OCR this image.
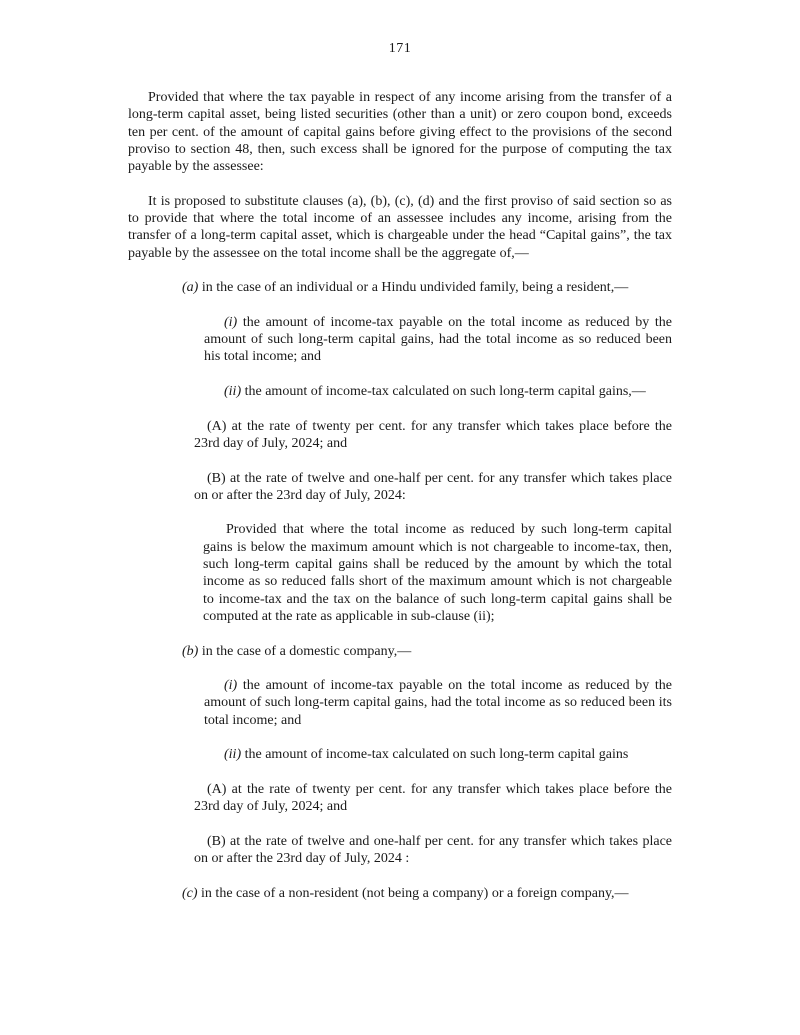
171

Provided that where the tax payable in respect of any income arising from the transfer of a long-term capital asset, being listed securities (other than a unit) or zero coupon bond, exceeds ten per cent. of the amount of capital gains before giving effect to the provisions of the second proviso to section 48, then, such excess shall be ignored for the purpose of computing the tax payable by the assessee:

It is proposed to substitute clauses (a), (b), (c), (d) and the first proviso of said section so as to provide that where the total income of an assessee includes any income, arising from the transfer of a long-term capital asset, which is chargeable under the head “Capital gains”, the tax payable by the assessee on the total income shall be the aggregate of,—

(a) in the case of an individual or a Hindu undivided family, being a resident,—

(i) the amount of income-tax payable on the total income as reduced by the amount of such long-term capital gains, had the total income as so reduced been his total income; and

(ii) the amount of income-tax calculated on such long-term capital gains,—

(A) at the rate of twenty per cent. for any transfer which takes place before the 23rd day of July, 2024; and

(B) at the rate of twelve and one-half per cent. for any transfer which takes place on or after the 23rd day of July, 2024:

Provided that where the total income as reduced by such long-term capital gains is below the maximum amount which is not chargeable to income-tax, then, such long-term capital gains shall be reduced by the amount by which the total income as so reduced falls short of the maximum amount which is not chargeable to income-tax and the tax on the balance of such long-term capital gains shall be computed at the rate as applicable in sub-clause (ii);

(b) in the case of a domestic company,—

(i) the amount of income-tax payable on the total income as reduced by the amount of such long-term capital gains, had the total income as so reduced been its total income; and

(ii) the amount of income-tax calculated on such long-term capital gains

(A) at the rate of twenty per cent. for any transfer which takes place before the 23rd day of July, 2024; and

(B) at the rate of twelve and one-half per cent. for any transfer which takes place on or after the 23rd day of July, 2024 :

(c) in the case of a non-resident (not being a company) or a foreign company,—
